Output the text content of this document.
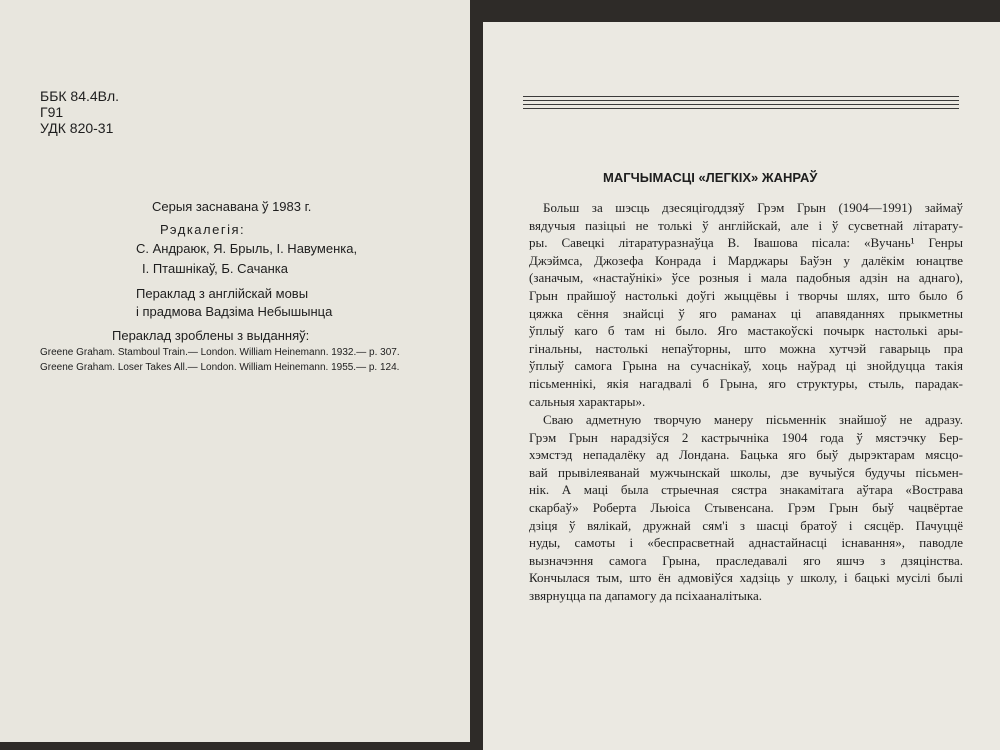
ББК 84.4Вл.
Г91
УДК 820-31
Серыя заснавана ў 1983 г.
Рэдкалегія:
С. Андраюк, Я. Брыль, І. Навуменка,
І. Пташнікаў, Б. Сачанка
Пераклад з англійскай мовы
і прадмова Вадзіма Небышынца
Пераклад зроблены з выданняў:
Greene Graham. Stamboul Train.— London. William Heinemann. 1932.— p. 307.
Greene Graham. Loser Takes All.— London. William Heinemann. 1955.— p. 124.
МАГЧЫМАСЦІ «ЛЕГКІХ» ЖАНРАЎ
Больш за шэсць дзесяцігоддзяў Грэм Грын (1904—1991) займаў
вядучыя пазіцыі не толькі ў англійскай, але і ў сусветнай літарату-
ры. Савецкі літаратуразнаўца В. Івашова пісала: «Вучань¹ Генры
Джэймса, Джозефа Конрада і Марджары Баўэн у далёкім юнацтве
(заначым, «настаўнікі» ўсе розныя і мала падобныя адзін на аднаго),
Грын прайшоў настолькі доўгі жыццёвы і творчы шлях, што было б
цяжка сёння знайсці ў яго раманах ці апавяданнях прыкметны
ўплыў каго б там ні было. Яго мастакоўскі почырк настолькі ары-
гінальны, настолькі непаўторны, што можна хутчэй гаварыць пра
ўплыў самога Грына на сучаснікаў, хоць наўрад ці знойдуцца такія
пісьменнікі, якія нагадвалі б Грына, яго структуры, стыль, парадак-
сальныя характары».
Сваю адметную творчую манеру пісьменнік знайшоў не адразу.
Грэм Грын нарадзіўся 2 кастрычніка 1904 года ў мястэчку Бер-
хэмстэд непадалёку ад Лондана. Бацька яго быў дырэктарам мясцо-
вай прывілеяванай мужчынскай школы, дзе вучыўся будучы пісьмен-
нік. А маці была стрыечная сястра знакамітага аўтара «Вострава
скарбаў» Роберта Льюіса Стывенсана. Грэм Грын быў чацвёртае
дзіця ў вялікай, дружнай сям'і з шасці братоў і сясцёр. Пачуццё
нуды, самоты і «беспрасветнай аднастайнасці існавання», паводле
вызначэння самога Грына, праследавалі яго яшчэ з дзяцінства.
Кончылася тым, што ён адмовіўся хадзіць у школу, і бацькі мусілі былі
звярнуцца па дапамогу да псіхааналітыка.
